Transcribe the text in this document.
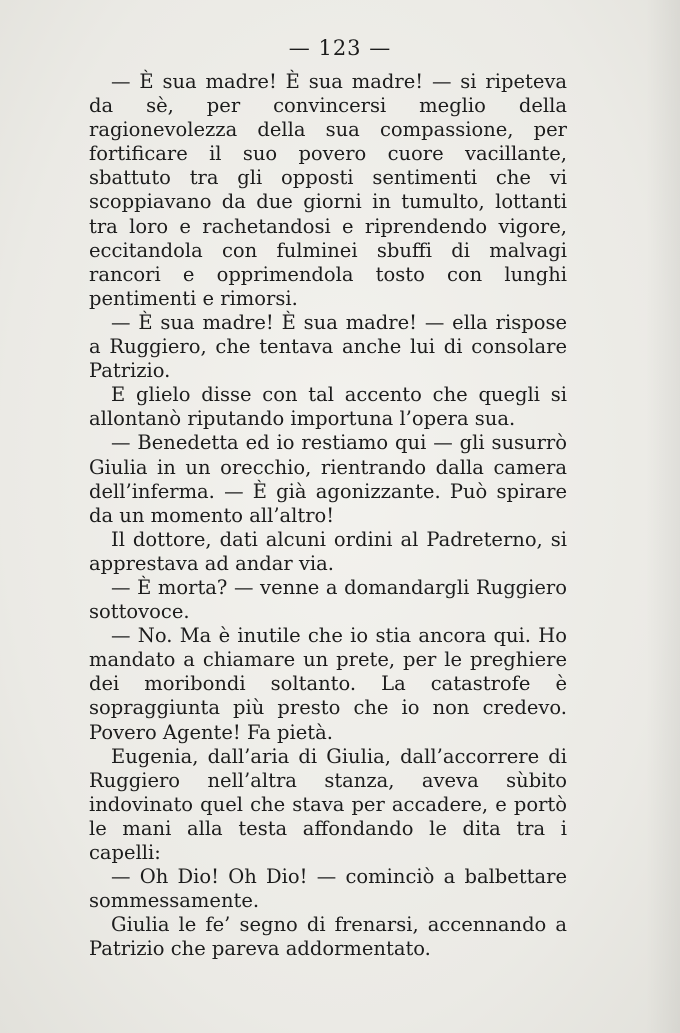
— 123 —

— È sua madre! È sua madre! — si ripeteva da sè, per convincersi meglio della ragionevolezza della sua compassione, per fortificare il suo povero cuore vacillante, sbattuto tra gli opposti sentimenti che vi scoppiavano da due giorni in tumulto, lottanti tra loro e rachetandosi e riprendendo vigore, eccitandola con fulminei sbuffi di malvagi rancori e opprimendola tosto con lunghi pentimenti e rimorsi.

— È sua madre! È sua madre! — ella rispose a Ruggiero, che tentava anche lui di consolare Patrizio.

E glielo disse con tal accento che quegli si allontanò riputando importuna l’opera sua.

— Benedetta ed io restiamo qui — gli susurrò Giulia in un orecchio, rientrando dalla camera dell’inferma. — È già agonizzante. Può spirare da un momento all’altro!

Il dottore, dati alcuni ordini al Padreterno, si apprestava ad andar via.

— È morta? — venne a domandargli Ruggiero sottovoce.

— No. Ma è inutile che io stia ancora qui. Ho mandato a chiamare un prete, per le preghiere dei moribondi soltanto. La catastrofe è sopraggiunta più presto che io non credevo. Povero Agente! Fa pietà.

Eugenia, dall’aria di Giulia, dall’accorrere di Ruggiero nell’altra stanza, aveva sùbito indovinato quel che stava per accadere, e portò le mani alla testa affondando le dita tra i capelli:

— Oh Dio! Oh Dio! — cominciò a balbettare sommessamente.

Giulia le fe’ segno di frenarsi, accennando a Patrizio che pareva addormentato.
